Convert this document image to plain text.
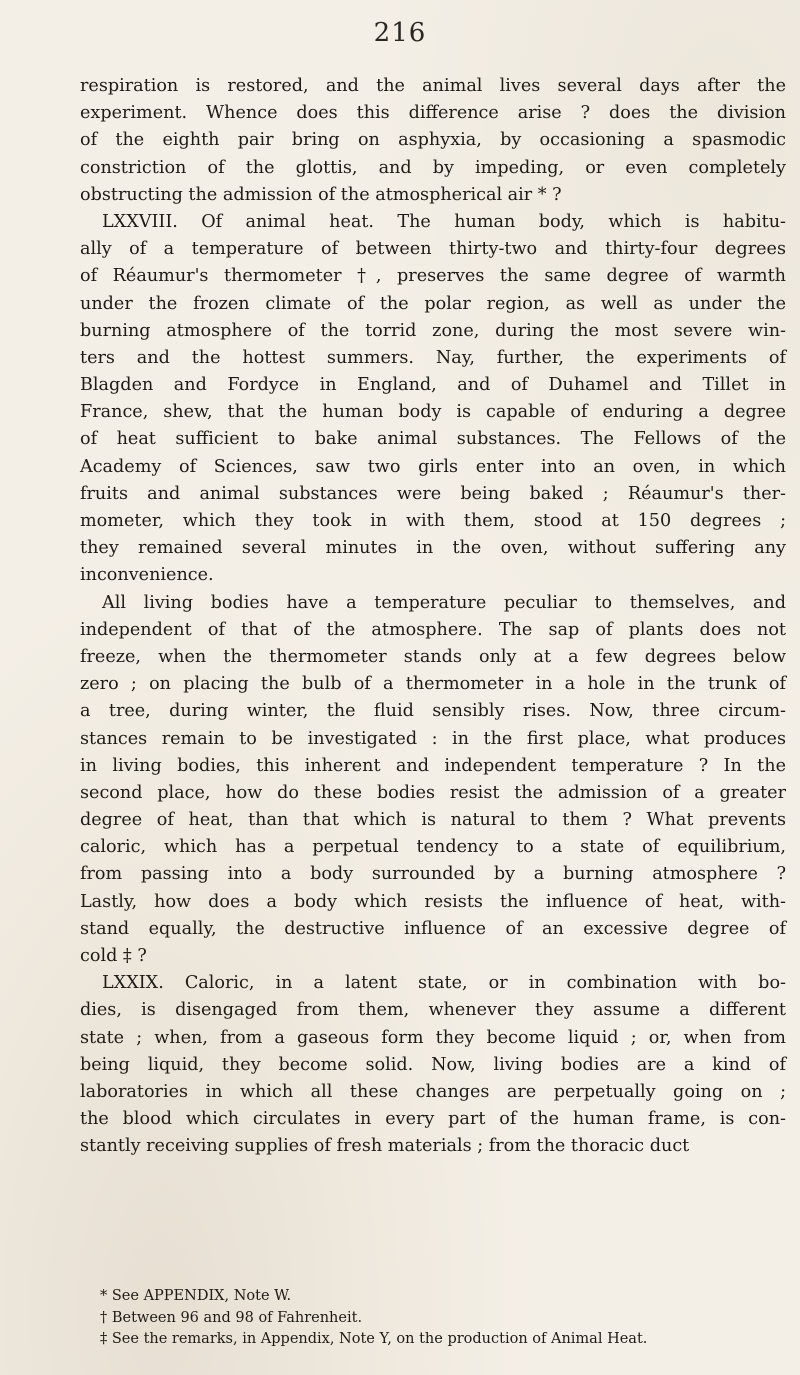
216
respiration is restored, and the animal lives several days after the
experiment. Whence does this difference arise ? does the division
of the eighth pair bring on asphyxia, by occasioning a spasmodic
constriction of the glottis, and by impeding, or even completely
obstructing the admission of the atmospherical air * ?
LXXVIII. Of animal heat. The human body, which is habitu-
ally of a temperature of between thirty-two and thirty-four degrees
of Réaumur's thermometer †, preserves the same degree of warmth
under the frozen climate of the polar region, as well as under the
burning atmosphere of the torrid zone, during the most severe win-
ters and the hottest summers. Nay, further, the experiments of
Blagden and Fordyce in England, and of Duhamel and Tillet in
France, shew, that the human body is capable of enduring a degree
of heat sufficient to bake animal substances. The Fellows of the
Academy of Sciences, saw two girls enter into an oven, in which
fruits and animal substances were being baked ; Réaumur's ther-
mometer, which they took in with them, stood at 150 degrees ;
they remained several minutes in the oven, without suffering any
inconvenience.
All living bodies have a temperature peculiar to themselves, and
independent of that of the atmosphere. The sap of plants does not
freeze, when the thermometer stands only at a few degrees below
zero ; on placing the bulb of a thermometer in a hole in the trunk of
a tree, during winter, the fluid sensibly rises. Now, three circum-
stances remain to be investigated : in the first place, what produces
in living bodies, this inherent and independent temperature ? In the
second place, how do these bodies resist the admission of a greater
degree of heat, than that which is natural to them ? What prevents
caloric, which has a perpetual tendency to a state of equilibrium,
from passing into a body surrounded by a burning atmosphere ?
Lastly, how does a body which resists the influence of heat, with-
stand equally, the destructive influence of an excessive degree of
cold ‡ ?
LXXIX. Caloric, in a latent state, or in combination with bo-
dies, is disengaged from them, whenever they assume a different
state ; when, from a gaseous form they become liquid ; or, when from
being liquid, they become solid. Now, living bodies are a kind of
laboratories in which all these changes are perpetually going on ;
the blood which circulates in every part of the human frame, is con-
stantly receiving supplies of fresh materials ; from the thoracic duct
* See APPENDIX, Note W.
† Between 96 and 98 of Fahrenheit.
‡ See the remarks, in Appendix, Note Y, on the production of Animal Heat.
